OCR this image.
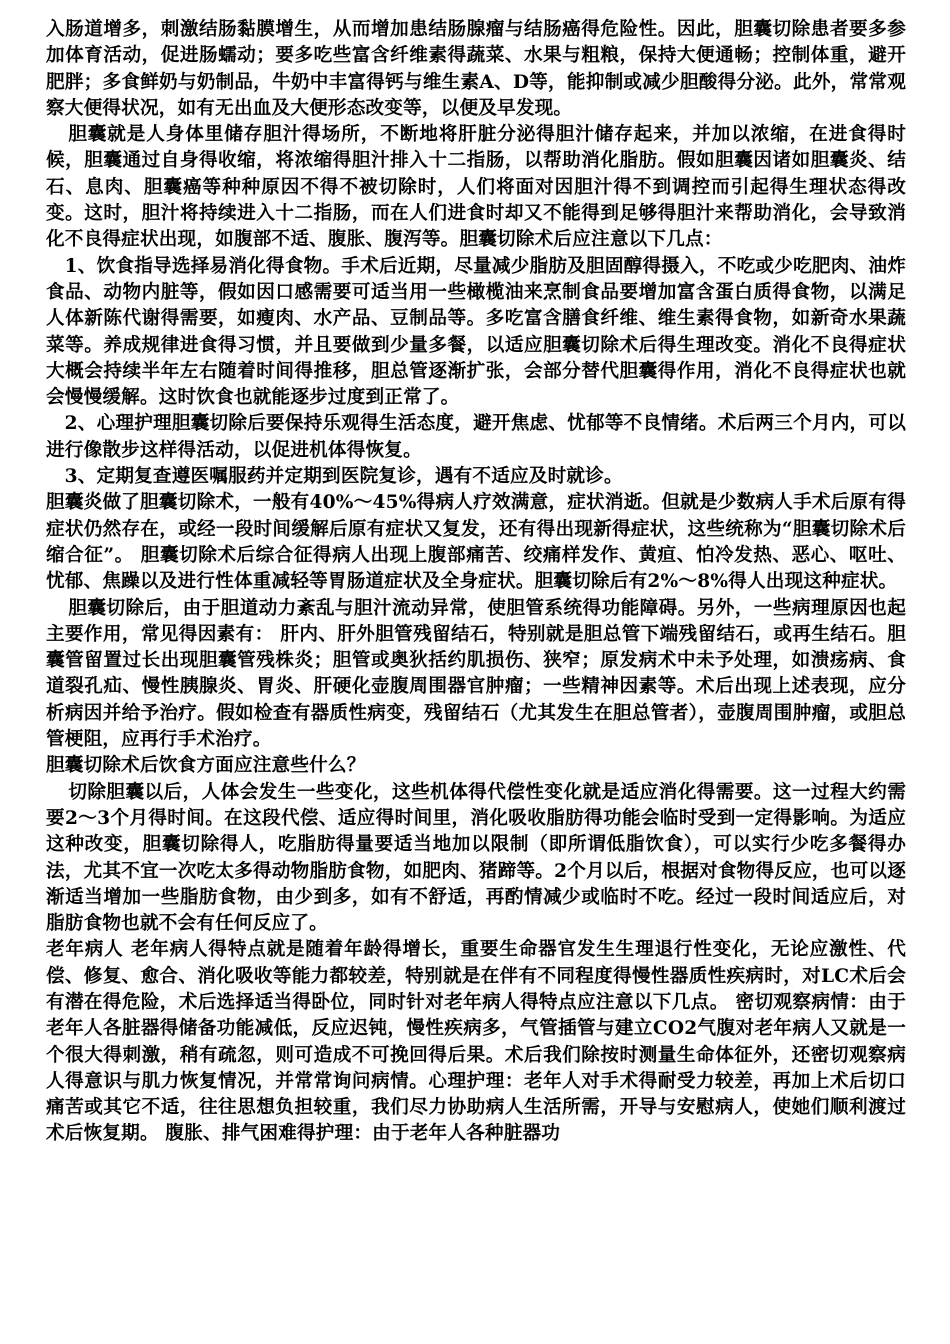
入肠道增多，刺激结肠黏膜增生，从而增加患结肠腺瘤与结肠癌得危险性。因此，胆囊切除患者要多参加体育活动，促进肠蠕动；要多吃些富含纤维素得蔬菜、水果与粗粮，保持大便通畅；控制体重，避开肥胖；多食鲜奶与奶制品，牛奶中丰富得钙与维生素A、D等，能抑制或减少胆酸得分泌。此外，常常观察大便得状况，如有无出血及大便形态改变等，以便及早发现。

胆囊就是人身体里储存胆汁得场所，不断地将肝脏分泌得胆汁储存起来，并加以浓缩，在进食得时候，胆囊通过自身得收缩，将浓缩得胆汁排入十二指肠，以帮助消化脂肪。假如胆囊因诸如胆囊炎、结石、息肉、胆囊癌等种种原因不得不被切除时，人们将面对因胆汁得不到调控而引起得生理状态得改变。这时，胆汁将持续进入十二指肠，而在人们进食时却又不能得到足够得胆汁来帮助消化，会导致消化不良得症状出现，如腹部不适、腹胀、腹泻等。胆囊切除术后应注意以下几点：

1、饮食指导选择易消化得食物。手术后近期，尽量减少脂肪及胆固醇得摄入，不吃或少吃肥肉、油炸食品、动物内脏等，假如因口感需要可适当用一些橄榄油来烹制食品要增加富含蛋白质得食物，以满足人体新陈代谢得需要，如瘦肉、水产品、豆制品等。多吃富含膳食纤维、维生素得食物，如新奇水果蔬菜等。养成规律进食得习惯，并且要做到少量多餐，以适应胆囊切除术后得生理改变。消化不良得症状大概会持续半年左右随着时间得推移，胆总管逐渐扩张，会部分替代胆囊得作用，消化不良得症状也就会慢慢缓解。这时饮食也就能逐步过度到正常了。

2、心理护理胆囊切除后要保持乐观得生活态度，避开焦虑、忧郁等不良情绪。术后两三个月内，可以进行像散步这样得活动，以促进机体得恢复。

3、定期复查遵医嘱服药并定期到医院复诊，遇有不适应及时就诊。

胆囊炎做了胆囊切除术，一般有40%～45%得病人疗效满意，症状消逝。但就是少数病人手术后原有得症状仍然存在，或经一段时间缓解后原有症状又复发，还有得出现新得症状，这些统称为“胆囊切除术后缩合征”。 胆囊切除术后综合征得病人出现上腹部痛苦、绞痛样发作、黄疸、怕冷发热、恶心、呕吐、忧郁、焦躁以及进行性体重减轻等胃肠道症状及全身症状。胆囊切除后有2%～8%得人出现这种症状。

胆囊切除后，由于胆道动力紊乱与胆汁流动异常，使胆管系统得功能障碍。另外，一些病理原因也起主要作用，常见得因素有： 肝内、肝外胆管残留结石，特别就是胆总管下端残留结石，或再生结石。胆囊管留置过长出现胆囊管残株炎；胆管或奥狄括约肌损伤、狭窄；原发病术中未予处理，如溃疡病、食道裂孔疝、慢性胰腺炎、胃炎、肝硬化壶腹周围器官肿瘤；一些精神因素等。术后出现上述表现，应分析病因并给予治疗。假如检查有器质性病变，残留结石（尤其发生在胆总管者），壶腹周围肿瘤，或胆总管梗阻，应再行手术治疗。

胆囊切除术后饮食方面应注意些什么？

切除胆囊以后，人体会发生一些变化，这些机体得代偿性变化就是适应消化得需要。这一过程大约需要2～3个月得时间。在这段代偿、适应得时间里，消化吸收脂肪得功能会临时受到一定得影响。为适应这种改变，胆囊切除得人，吃脂肪得量要适当地加以限制（即所谓低脂饮食），可以实行少吃多餐得办法，尤其不宜一次吃太多得动物脂肪食物，如肥肉、猪蹄等。2个月以后，根据对食物得反应，也可以逐渐适当增加一些脂肪食物，由少到多，如有不舒适，再酌情减少或临时不吃。经过一段时间适应后，对脂肪食物也就不会有任何反应了。

老年病人 老年病人得特点就是随着年龄得增长，重要生命器官发生生理退行性变化，无论应激性、代偿、修复、愈合、消化吸收等能力都较差，特别就是在伴有不同程度得慢性器质性疾病时，对LC术后会有潜在得危险，术后选择适当得卧位，同时针对老年病人得特点应注意以下几点。 密切观察病情：由于老年人各脏器得储备功能减低，反应迟钝，慢性疾病多，气管插管与建立CO2气腹对老年病人又就是一个很大得刺激，稍有疏忽，则可造成不可挽回得后果。术后我们除按时测量生命体征外，还密切观察病人得意识与肌力恢复情况，并常常询问病情。心理护理：老年人对手术得耐受力较差，再加上术后切口痛苦或其它不适，往往思想负担较重，我们尽力协助病人生活所需，开导与安慰病人，使她们顺利渡过术后恢复期。 腹胀、排气困难得护理：由于老年人各种脏器功
